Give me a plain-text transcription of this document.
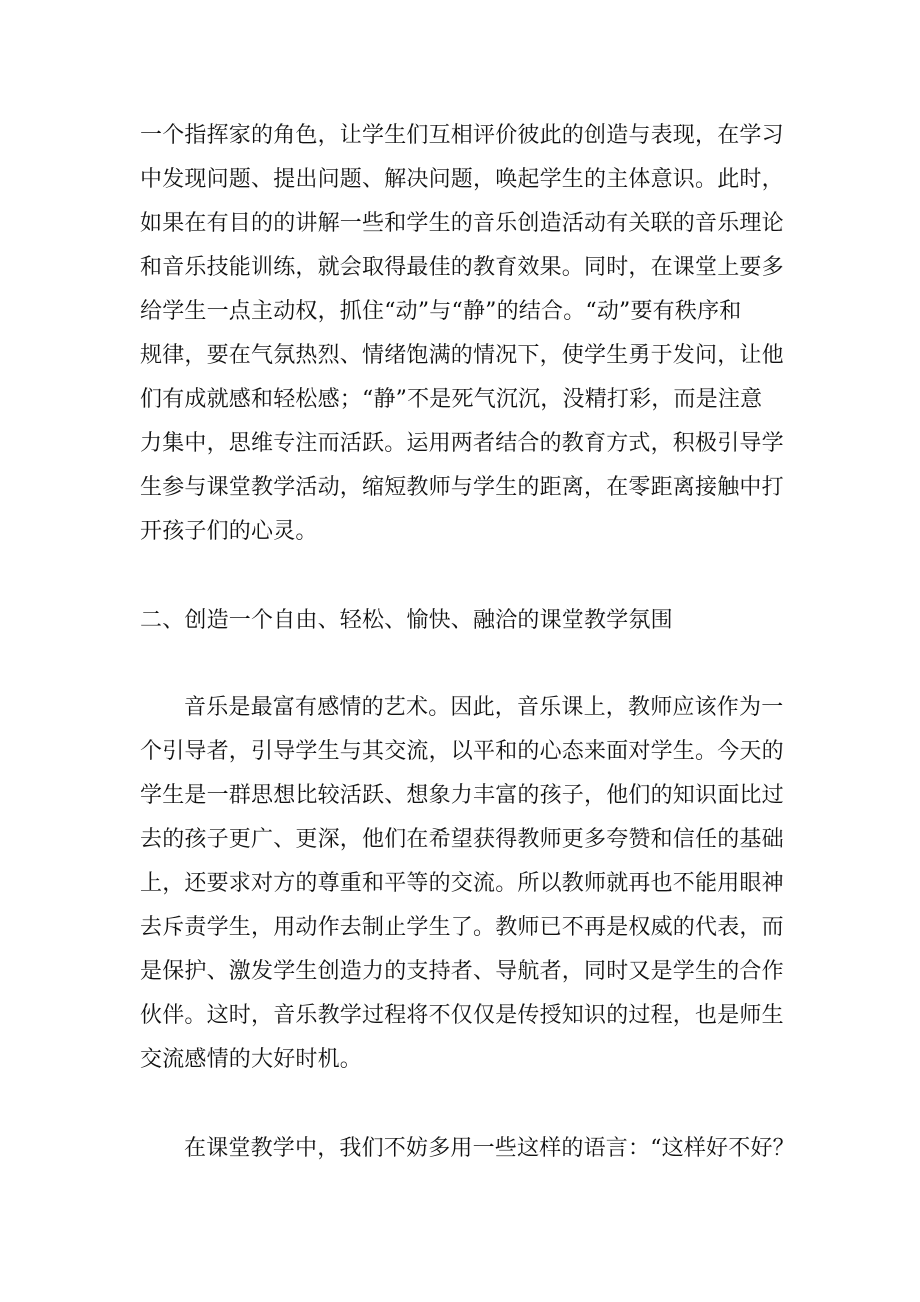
一个指挥家的角色，让学生们互相评价彼此的创造与表现，在学习
中发现问题、提出问题、解决问题，唤起学生的主体意识。此时，
如果在有目的的讲解一些和学生的音乐创造活动有关联的音乐理论
和音乐技能训练，就会取得最佳的教育效果。同时，在课堂上要多
给学生一点主动权，抓住“动”与“静”的结合。“动”要有秩序和
规律，要在气氛热烈、情绪饱满的情况下，使学生勇于发问，让他
们有成就感和轻松感；“静”不是死气沉沉，没精打彩，而是注意
力集中，思维专注而活跃。运用两者结合的教育方式，积极引导学
生参与课堂教学活动，缩短教师与学生的距离，在零距离接触中打
开孩子们的心灵。
二、创造一个自由、轻松、愉快、融洽的课堂教学氛围
音乐是最富有感情的艺术。因此，音乐课上，教师应该作为一
个引导者，引导学生与其交流，以平和的心态来面对学生。今天的
学生是一群思想比较活跃、想象力丰富的孩子，他们的知识面比过
去的孩子更广、更深，他们在希望获得教师更多夸赞和信任的基础
上，还要求对方的尊重和平等的交流。所以教师就再也不能用眼神
去斥责学生，用动作去制止学生了。教师已不再是权威的代表，而
是保护、激发学生创造力的支持者、导航者，同时又是学生的合作
伙伴。这时，音乐教学过程将不仅仅是传授知识的过程，也是师生
交流感情的大好时机。
在课堂教学中，我们不妨多用一些这样的语言：“这样好不好？
